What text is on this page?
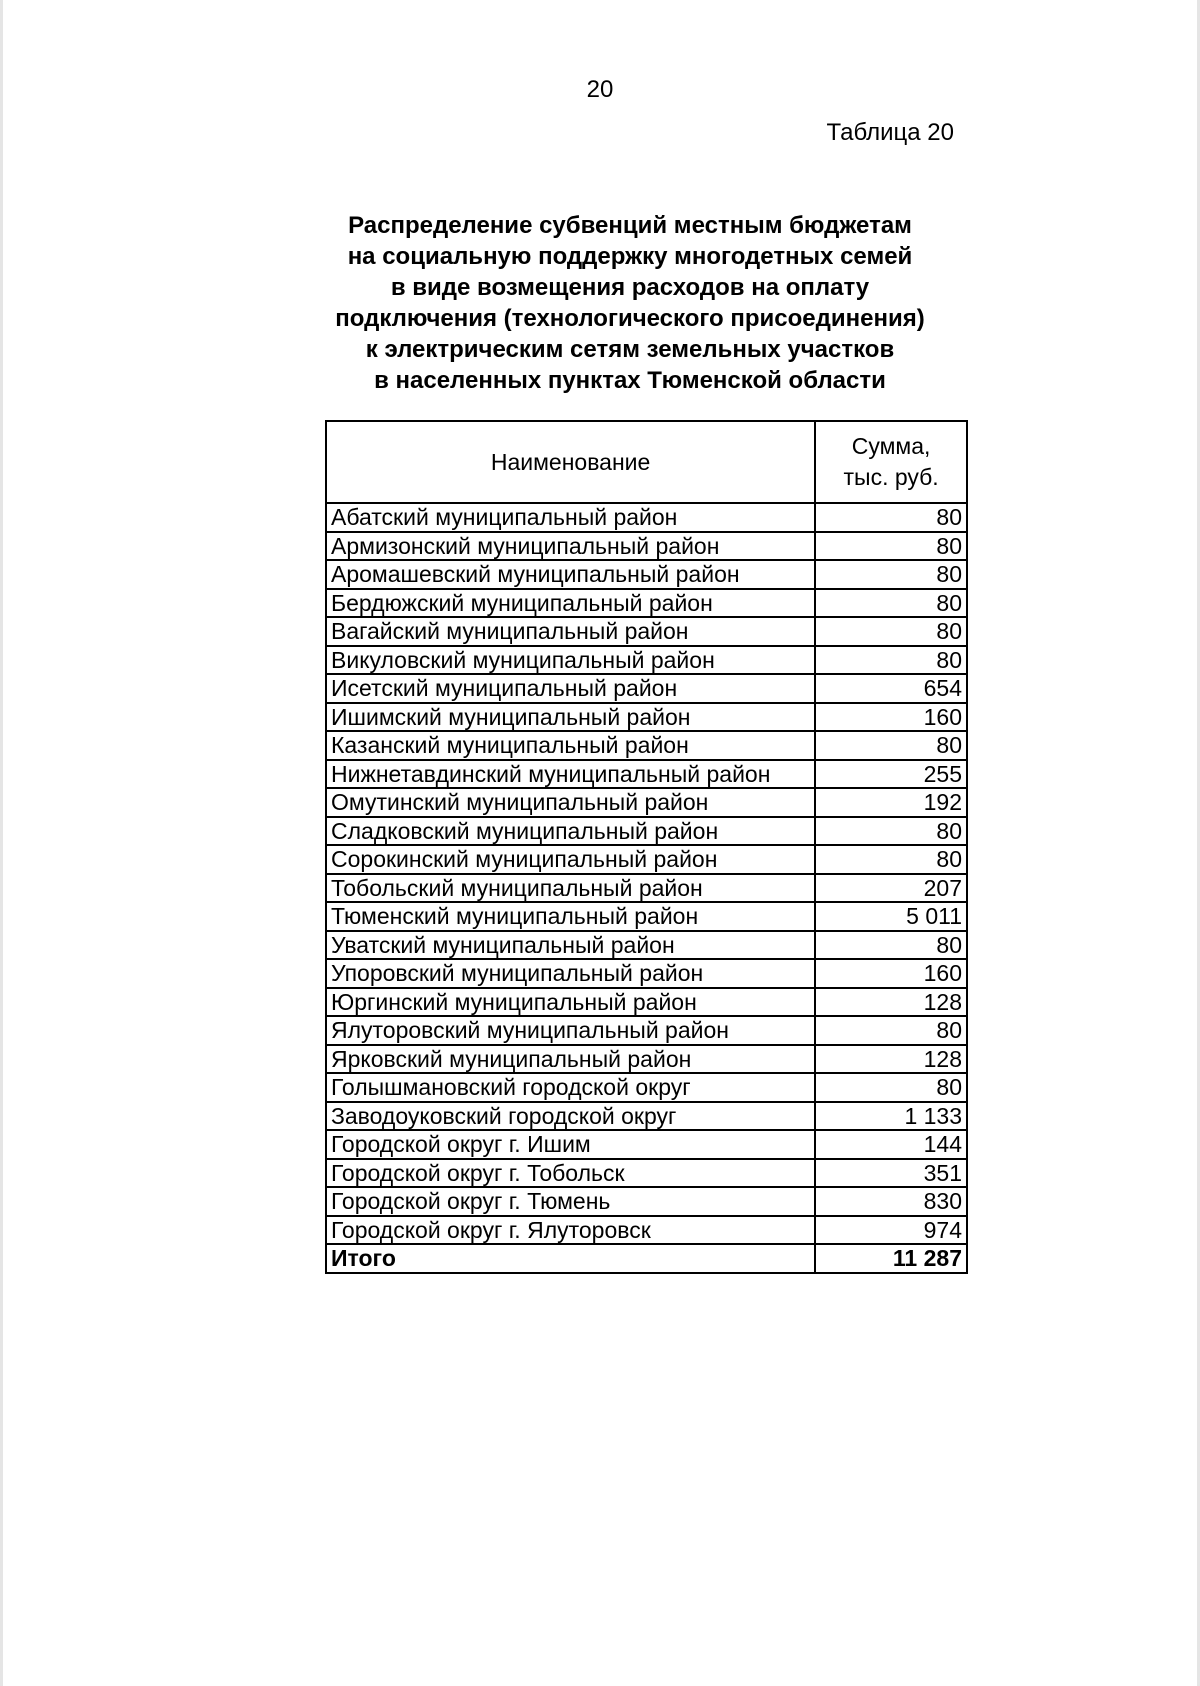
20
Таблица 20
Распределение субвенций местным бюджетам
на социальную поддержку многодетных семей
в виде возмещения расходов на оплату
подключения (технологического присоединения)
к электрическим сетям земельных участков
в населенных пунктах Тюменской области
Наименование	Сумма,
тыс. руб.

Абатский муниципальный район	80
Армизонский муниципальный район	80
Аромашевский муниципальный район	80
Бердюжский муниципальный район	80
Вагайский муниципальный район	80
Викуловский муниципальный район	80
Исетский муниципальный район	654
Ишимский муниципальный район	160
Казанский муниципальный район	80
Нижнетавдинский муниципальный район	255
Омутинский муниципальный район	192
Сладковский муниципальный район	80
Сорокинский муниципальный район	80
Тобольский муниципальный район	207
Тюменский муниципальный район	5 011
Уватский муниципальный район	80
Упоровский муниципальный район	160
Юргинский муниципальный район	128
Ялуторовский муниципальный район	80
Ярковский муниципальный район	128
Голышмановский городской округ	80
Заводоуковский городской округ	1 133
Городской округ г. Ишим	144
Городской округ г. Тобольск	351
Городской округ г. Тюмень	830
Городской округ г. Ялуторовск	974
Итого	11 287
